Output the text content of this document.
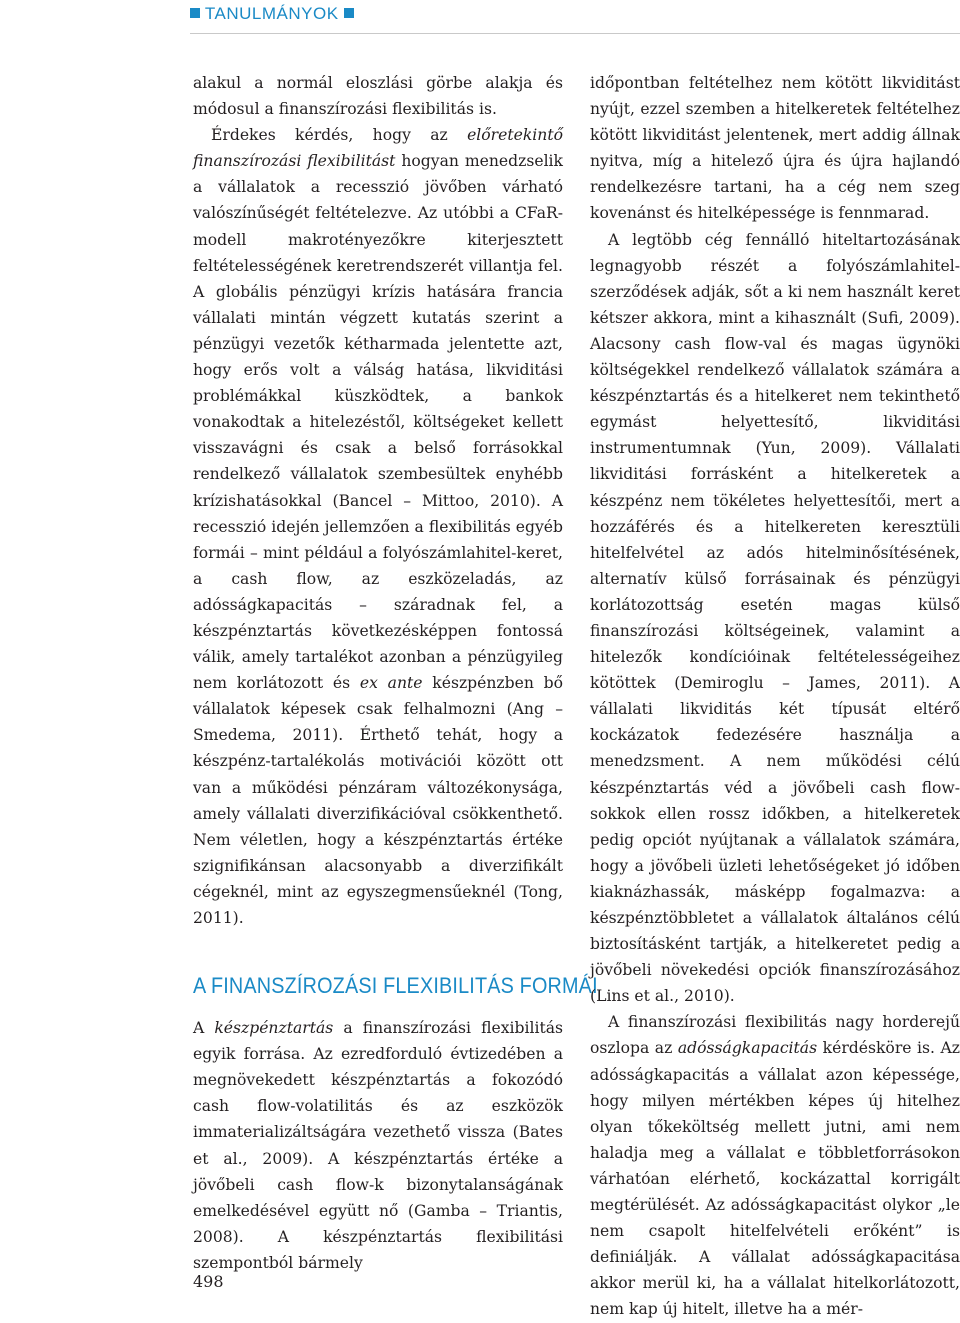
TANULMÁNYOK

alakul a normál eloszlási görbe alakja és módosul a finanszírozási flexibilitás is.

Érdekes kérdés, hogy az előretekintő finanszírozási flexibilitást hogyan menedzselik a vállalatok a recesszió jövőben várható valószínűségét feltételezve. Az utóbbi a CFaR-modell makrotényezőkre kiterjesztett feltételességének keretrendszerét villantja fel. A globális pénzügyi krízis hatására francia vállalati mintán végzett kutatás szerint a pénzügyi vezetők kétharmada jelentette azt, hogy erős volt a válság hatása, likviditási problémákkal küszködtek, a bankok vonakodtak a hitelezéstől, költségeket kellett visszavágni és csak a belső forrásokkal rendelkező vállalatok szembesültek enyhébb krízishatásokkal (Bancel – Mittoo, 2010). A recesszió idején jellemzően a flexibilitás egyéb formái – mint például a folyószámlahitel-keret, a cash flow, az eszközeladás, az adósságkapacitás – száradnak fel, a készpénztartás következésképpen fontossá válik, amely tartalékot azonban a pénzügyileg nem korlátozott és ex ante készpénzben bő vállalatok képesek csak felhalmozni (Ang – Smedema, 2011). Érthető tehát, hogy a készpénz-tartalékolás motivációi között ott van a működési pénzáram változékonysága, amely vállalati diverzifikációval csökkenthető. Nem véletlen, hogy a készpénztartás értéke szignifikánsan alacsonyabb a diverzifikált cégeknél, mint az egyszegmensűeknél (Tong, 2011).

A FINANSZÍROZÁSI FLEXIBILITÁS FORMÁI

A készpénztartás a finanszírozási flexibilitás egyik forrása. Az ezredforduló évtizedében a megnövekedett készpénztartás a fokozódó cash flow-volatilitás és az eszközök immaterializáltságára vezethető vissza (Bates et al., 2009). A készpénztartás értéke a jövőbeli cash flow-k bizonytalanságának emelkedésével együtt nő (Gamba – Triantis, 2008). A készpénztartás flexibilitási szempontból bármely

időpontban feltételhez nem kötött likviditást nyújt, ezzel szemben a hitelkeretek feltételhez kötött likviditást jelentenek, mert addig állnak nyitva, míg a hitelező újra és újra hajlandó rendelkezésre tartani, ha a cég nem szeg kovenánst és hitelképessége is fennmarad.

A legtöbb cég fennálló hiteltartozásának legnagyobb részét a folyószámlahitel-szerződések adják, sőt a ki nem használt keret kétszer akkora, mint a kihasznált (Sufi, 2009). Alacsony cash flow-val és magas ügynöki költségekkel rendelkező vállalatok számára a készpénztartás és a hitelkeret nem tekinthető egymást helyettesítő, likviditási instrumentumnak (Yun, 2009). Vállalati likviditási forrásként a hitelkeretek a készpénz nem tökéletes helyettesítői, mert a hozzáférés és a hitelkereten keresztüli hitelfelvétel az adós hitelminősítésének, alternatív külső forrásainak és pénzügyi korlátozottság esetén magas külső finanszírozási költségeinek, valamint a hitelezők kondícióinak feltételességeihez kötöttek (Demiroglu – James, 2011). A vállalati likviditás két típusát eltérő kockázatok fedezésére használja a menedzsment. A nem működési célú készpénztartás véd a jövőbeli cash flow-sokkok ellen rossz időkben, a hitelkeretek pedig opciót nyújtanak a vállalatok számára, hogy a jövőbeli üzleti lehetőségeket jó időben kiaknázhassák, másképp fogalmazva: a készpénztöbbletet a vállalatok általános célú biztosításként tartják, a hitelkeretet pedig a jövőbeli növekedési opciók finanszírozásához (Lins et al., 2010).

A finanszírozási flexibilitás nagy horderejű oszlopa az adósságkapacitás kérdésköre is. Az adósságkapacitás a vállalat azon képessége, hogy milyen mértékben képes új hitelhez olyan tőkeköltség mellett jutni, ami nem haladja meg a vállalat e többletforrásokon várhatóan elérhető, kockázattal korrigált megtérülését. Az adósságkapacitást olykor „le nem csapolt hitelfelvételi erőként” is definiálják. A vállalat adósságkapacitása akkor merül ki, ha a vállalat hitelkorlátozott, nem kap új hitelt, illetve ha a mér-

498
